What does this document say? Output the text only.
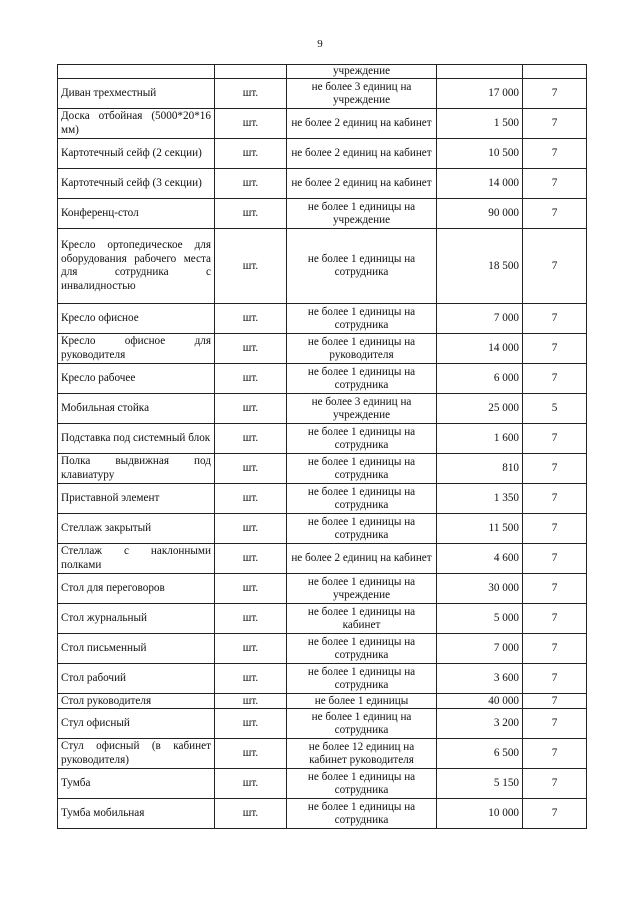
9
		учреждение		
Диван трехместный	шт.	не более 3 единиц на учреждение	17 000	7
Доска отбойная (5000*20*16 мм)	шт.	не более 2 единиц на кабинет	1 500	7
Картотечный сейф (2 секции)	шт.	не более 2 единиц на кабинет	10 500	7
Картотечный сейф (3 секции)	шт.	не более 2 единиц на кабинет	14 000	7
Конференц-стол	шт.	не более 1 единицы на учреждение	90 000	7
Кресло ортопедическое для оборудования рабочего места для сотрудника с инвалидностью	шт.	не более 1 единицы на сотрудника	18 500	7
Кресло офисное	шт.	не более 1 единицы на сотрудника	7 000	7
Кресло офисное для руководителя	шт.	не более 1 единицы на руководителя	14 000	7
Кресло рабочее	шт.	не более 1 единицы на сотрудника	6 000	7
Мобильная стойка	шт.	не более 3 единиц на учреждение	25 000	5
Подставка под системный блок	шт.	не более 1 единицы на сотрудника	1 600	7
Полка выдвижная под клавиатуру	шт.	не более 1 единицы на сотрудника	810	7
Приставной элемент	шт.	не более 1 единицы на сотрудника	1 350	7
Стеллаж закрытый	шт.	не более 1 единицы на сотрудника	11 500	7
Стеллаж с наклонными полками	шт.	не более 2 единиц на кабинет	4 600	7
Стол для переговоров	шт.	не более 1 единицы на учреждение	30 000	7
Стол журнальный	шт.	не более 1 единицы на кабинет	5 000	7
Стол письменный	шт.	не более 1 единицы на сотрудника	7 000	7
Стол рабочий	шт.	не более 1 единицы на сотрудника	3 600	7
Стол руководителя	шт.	не более 1 единицы	40 000	7
Стул офисный	шт.	не более 1 единиц на сотрудника	3 200	7
Стул офисный (в кабинет руководителя)	шт.	не более 12 единиц на кабинет руководителя	6 500	7
Тумба	шт.	не более 1 единицы на сотрудника	5 150	7
Тумба мобильная	шт.	не более 1 единицы на сотрудника	10 000	7
